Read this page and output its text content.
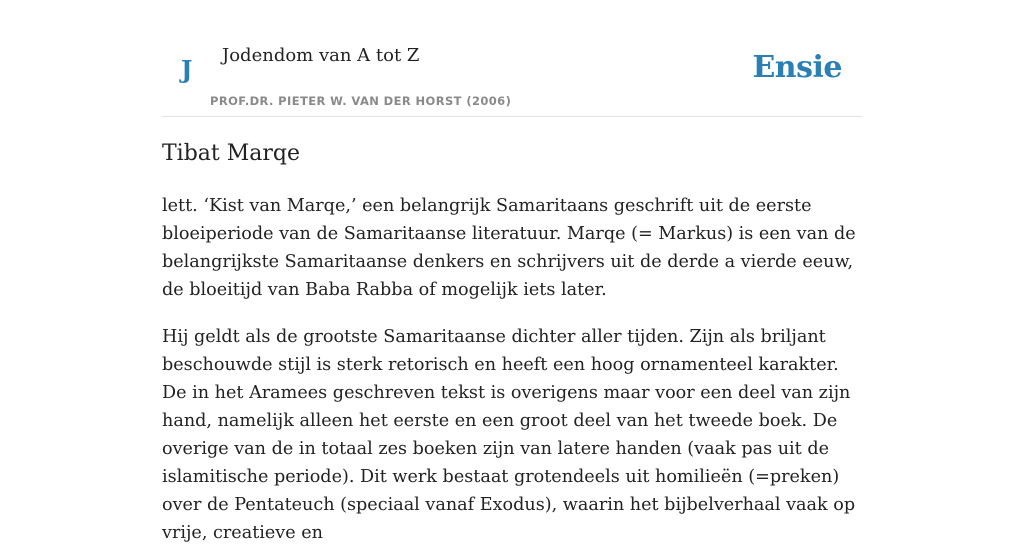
J Jodendom van A tot Z
PROF.DR. PIETER W. VAN DER HORST (2006)
Ensie
Tibat Marqe

lett. ‘Kist van Marqe,’ een belangrijk Samaritaans geschrift uit de eerste bloeiperiode van de Samaritaanse literatuur. Marqe (= Markus) is een van de belangrijkste Samaritaanse denkers en schrijvers uit de derde a vierde eeuw, de bloeitijd van Baba Rabba of mogelijk iets later.

Hij geldt als de grootste Samaritaanse dichter aller tijden. Zijn als briljant beschouwde stijl is sterk retorisch en heeft een hoog ornamenteel karakter. De in het Aramees geschreven tekst is overigens maar voor een deel van zijn hand, namelijk alleen het eerste en een groot deel van het tweede boek. De overige van de in totaal zes boeken zijn van latere handen (vaak pas uit de islamitische periode). Dit werk bestaat grotendeels uit homilieën (=preken) over de Pentateuch (speciaal vanaf Exodus), waarin het bijbelverhaal vaak op vrije, creatieve en
